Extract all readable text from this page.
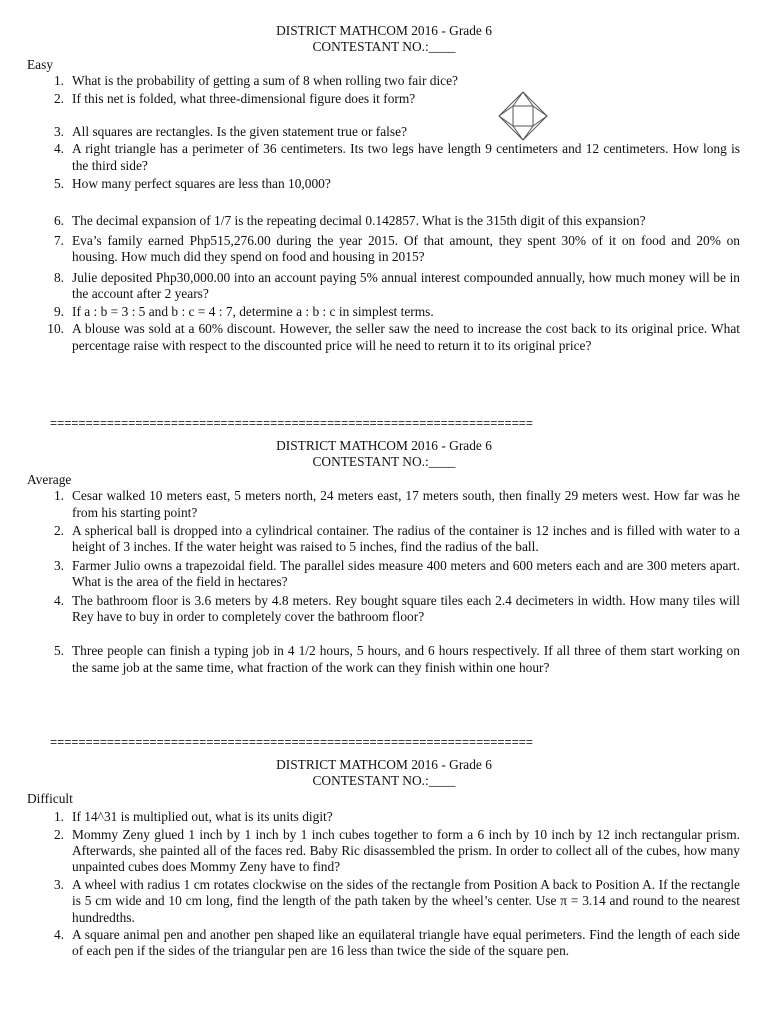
DISTRICT MATHCOM 2016 - Grade 6
CONTESTANT NO.:____
Easy
1. What is the probability of getting a sum of 8 when rolling two fair dice?
2. If this net is folded, what three-dimensional figure does it form?
3. All squares are rectangles. Is the given statement true or false?
4. A right triangle has a perimeter of 36 centimeters. Its two legs have length 9 centimeters and 12 centimeters. How long is the third side?
5. How many perfect squares are less than 10,000?
6. The decimal expansion of 1/7 is the repeating decimal 0.142857. What is the 315th digit of this expansion?
7. Eva’s family earned Php515,276.00 during the year 2015. Of that amount, they spent 30% of it on food and 20% on housing. How much did they spend on food and housing in 2015?
8. Julie deposited Php30,000.00 into an account paying 5% annual interest compounded annually, how much money will be in the account after 2 years?
9. If a : b = 3 : 5 and b : c = 4 : 7, determine a : b : c in simplest terms.
10. A blouse was sold at a 60% discount. However, the seller saw the need to increase the cost back to its original price. What percentage raise with respect to the discounted price will he need to return it to its original price?
====================================================================
DISTRICT MATHCOM 2016 - Grade 6
CONTESTANT NO.:____
Average
1. Cesar walked 10 meters east, 5 meters north, 24 meters east, 17 meters south, then finally 29 meters west. How far was he from his starting point?
2. A spherical ball is dropped into a cylindrical container. The radius of the container is 12 inches and is filled with water to a height of 3 inches. If the water height was raised to 5 inches, find the radius of the ball.
3. Farmer Julio owns a trapezoidal field. The parallel sides measure 400 meters and 600 meters each and are 300 meters apart. What is the area of the field in hectares?
4. The bathroom floor is 3.6 meters by 4.8 meters. Rey bought square tiles each 2.4 decimeters in width. How many tiles will Rey have to buy in order to completely cover the bathroom floor?
5. Three people can finish a typing job in 4 1/2 hours, 5 hours, and 6 hours respectively. If all three of them start working on the same job at the same time, what fraction of the work can they finish within one hour?
====================================================================
DISTRICT MATHCOM 2016 - Grade 6
CONTESTANT NO.:____
Difficult
1. If 14^31 is multiplied out, what is its units digit?
2. Mommy Zeny glued 1 inch by 1 inch by 1 inch cubes together to form a 6 inch by 10 inch by 12 inch rectangular prism. Afterwards, she painted all of the faces red. Baby Ric disassembled the prism. In order to collect all of the cubes, how many unpainted cubes does Mommy Zeny have to find?
3. A wheel with radius 1 cm rotates clockwise on the sides of the rectangle from Position A back to Position A. If the rectangle is 5 cm wide and 10 cm long, find the length of the path taken by the wheel’s center. Use π = 3.14 and round to the nearest hundredths.
4. A square animal pen and another pen shaped like an equilateral triangle have equal perimeters. Find the length of each side of each pen if the sides of the triangular pen are 16 less than twice the side of the square pen.
